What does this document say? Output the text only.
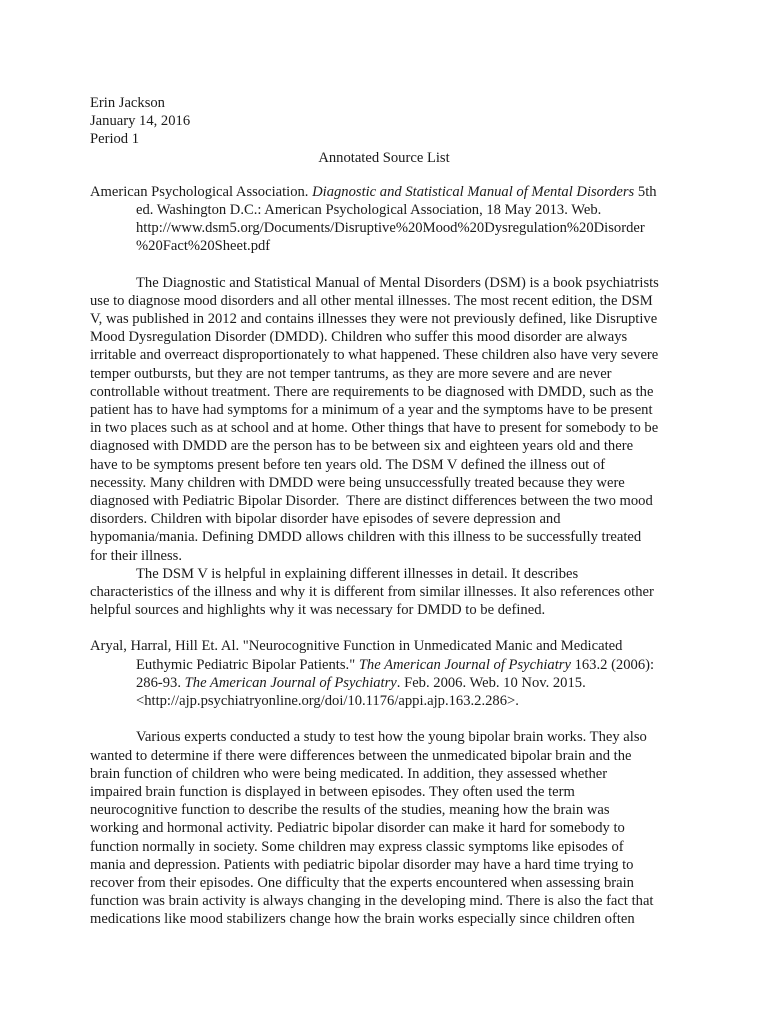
Erin Jackson
January 14, 2016
Period 1
Annotated Source List
American Psychological Association. Diagnostic and Statistical Manual of Mental Disorders 5th
ed. Washington D.C.: American Psychological Association, 18 May 2013. Web.
http://www.dsm5.org/Documents/Disruptive%20Mood%20Dysregulation%20Disorder
%20Fact%20Sheet.pdf
The Diagnostic and Statistical Manual of Mental Disorders (DSM) is a book psychiatrists
use to diagnose mood disorders and all other mental illnesses. The most recent edition, the DSM
V, was published in 2012 and contains illnesses they were not previously defined, like Disruptive
Mood Dysregulation Disorder (DMDD). Children who suffer this mood disorder are always
irritable and overreact disproportionately to what happened. These children also have very severe
temper outbursts, but they are not temper tantrums, as they are more severe and are never
controllable without treatment. There are requirements to be diagnosed with DMDD, such as the
patient has to have had symptoms for a minimum of a year and the symptoms have to be present
in two places such as at school and at home. Other things that have to present for somebody to be
diagnosed with DMDD are the person has to be between six and eighteen years old and there
have to be symptoms present before ten years old. The DSM V defined the illness out of
necessity. Many children with DMDD were being unsuccessfully treated because they were
diagnosed with Pediatric Bipolar Disorder.  There are distinct differences between the two mood
disorders. Children with bipolar disorder have episodes of severe depression and
hypomania/mania. Defining DMDD allows children with this illness to be successfully treated
for their illness.
The DSM V is helpful in explaining different illnesses in detail. It describes
characteristics of the illness and why it is different from similar illnesses. It also references other
helpful sources and highlights why it was necessary for DMDD to be defined.
Aryal, Harral, Hill Et. Al. "Neurocognitive Function in Unmedicated Manic and Medicated
Euthymic Pediatric Bipolar Patients." The American Journal of Psychiatry 163.2 (2006):
286-93. The American Journal of Psychiatry. Feb. 2006. Web. 10 Nov. 2015.
<http://ajp.psychiatryonline.org/doi/10.1176/appi.ajp.163.2.286>.
Various experts conducted a study to test how the young bipolar brain works. They also
wanted to determine if there were differences between the unmedicated bipolar brain and the
brain function of children who were being medicated. In addition, they assessed whether
impaired brain function is displayed in between episodes. They often used the term
neurocognitive function to describe the results of the studies, meaning how the brain was
working and hormonal activity. Pediatric bipolar disorder can make it hard for somebody to
function normally in society. Some children may express classic symptoms like episodes of
mania and depression. Patients with pediatric bipolar disorder may have a hard time trying to
recover from their episodes. One difficulty that the experts encountered when assessing brain
function was brain activity is always changing in the developing mind. There is also the fact that
medications like mood stabilizers change how the brain works especially since children often
